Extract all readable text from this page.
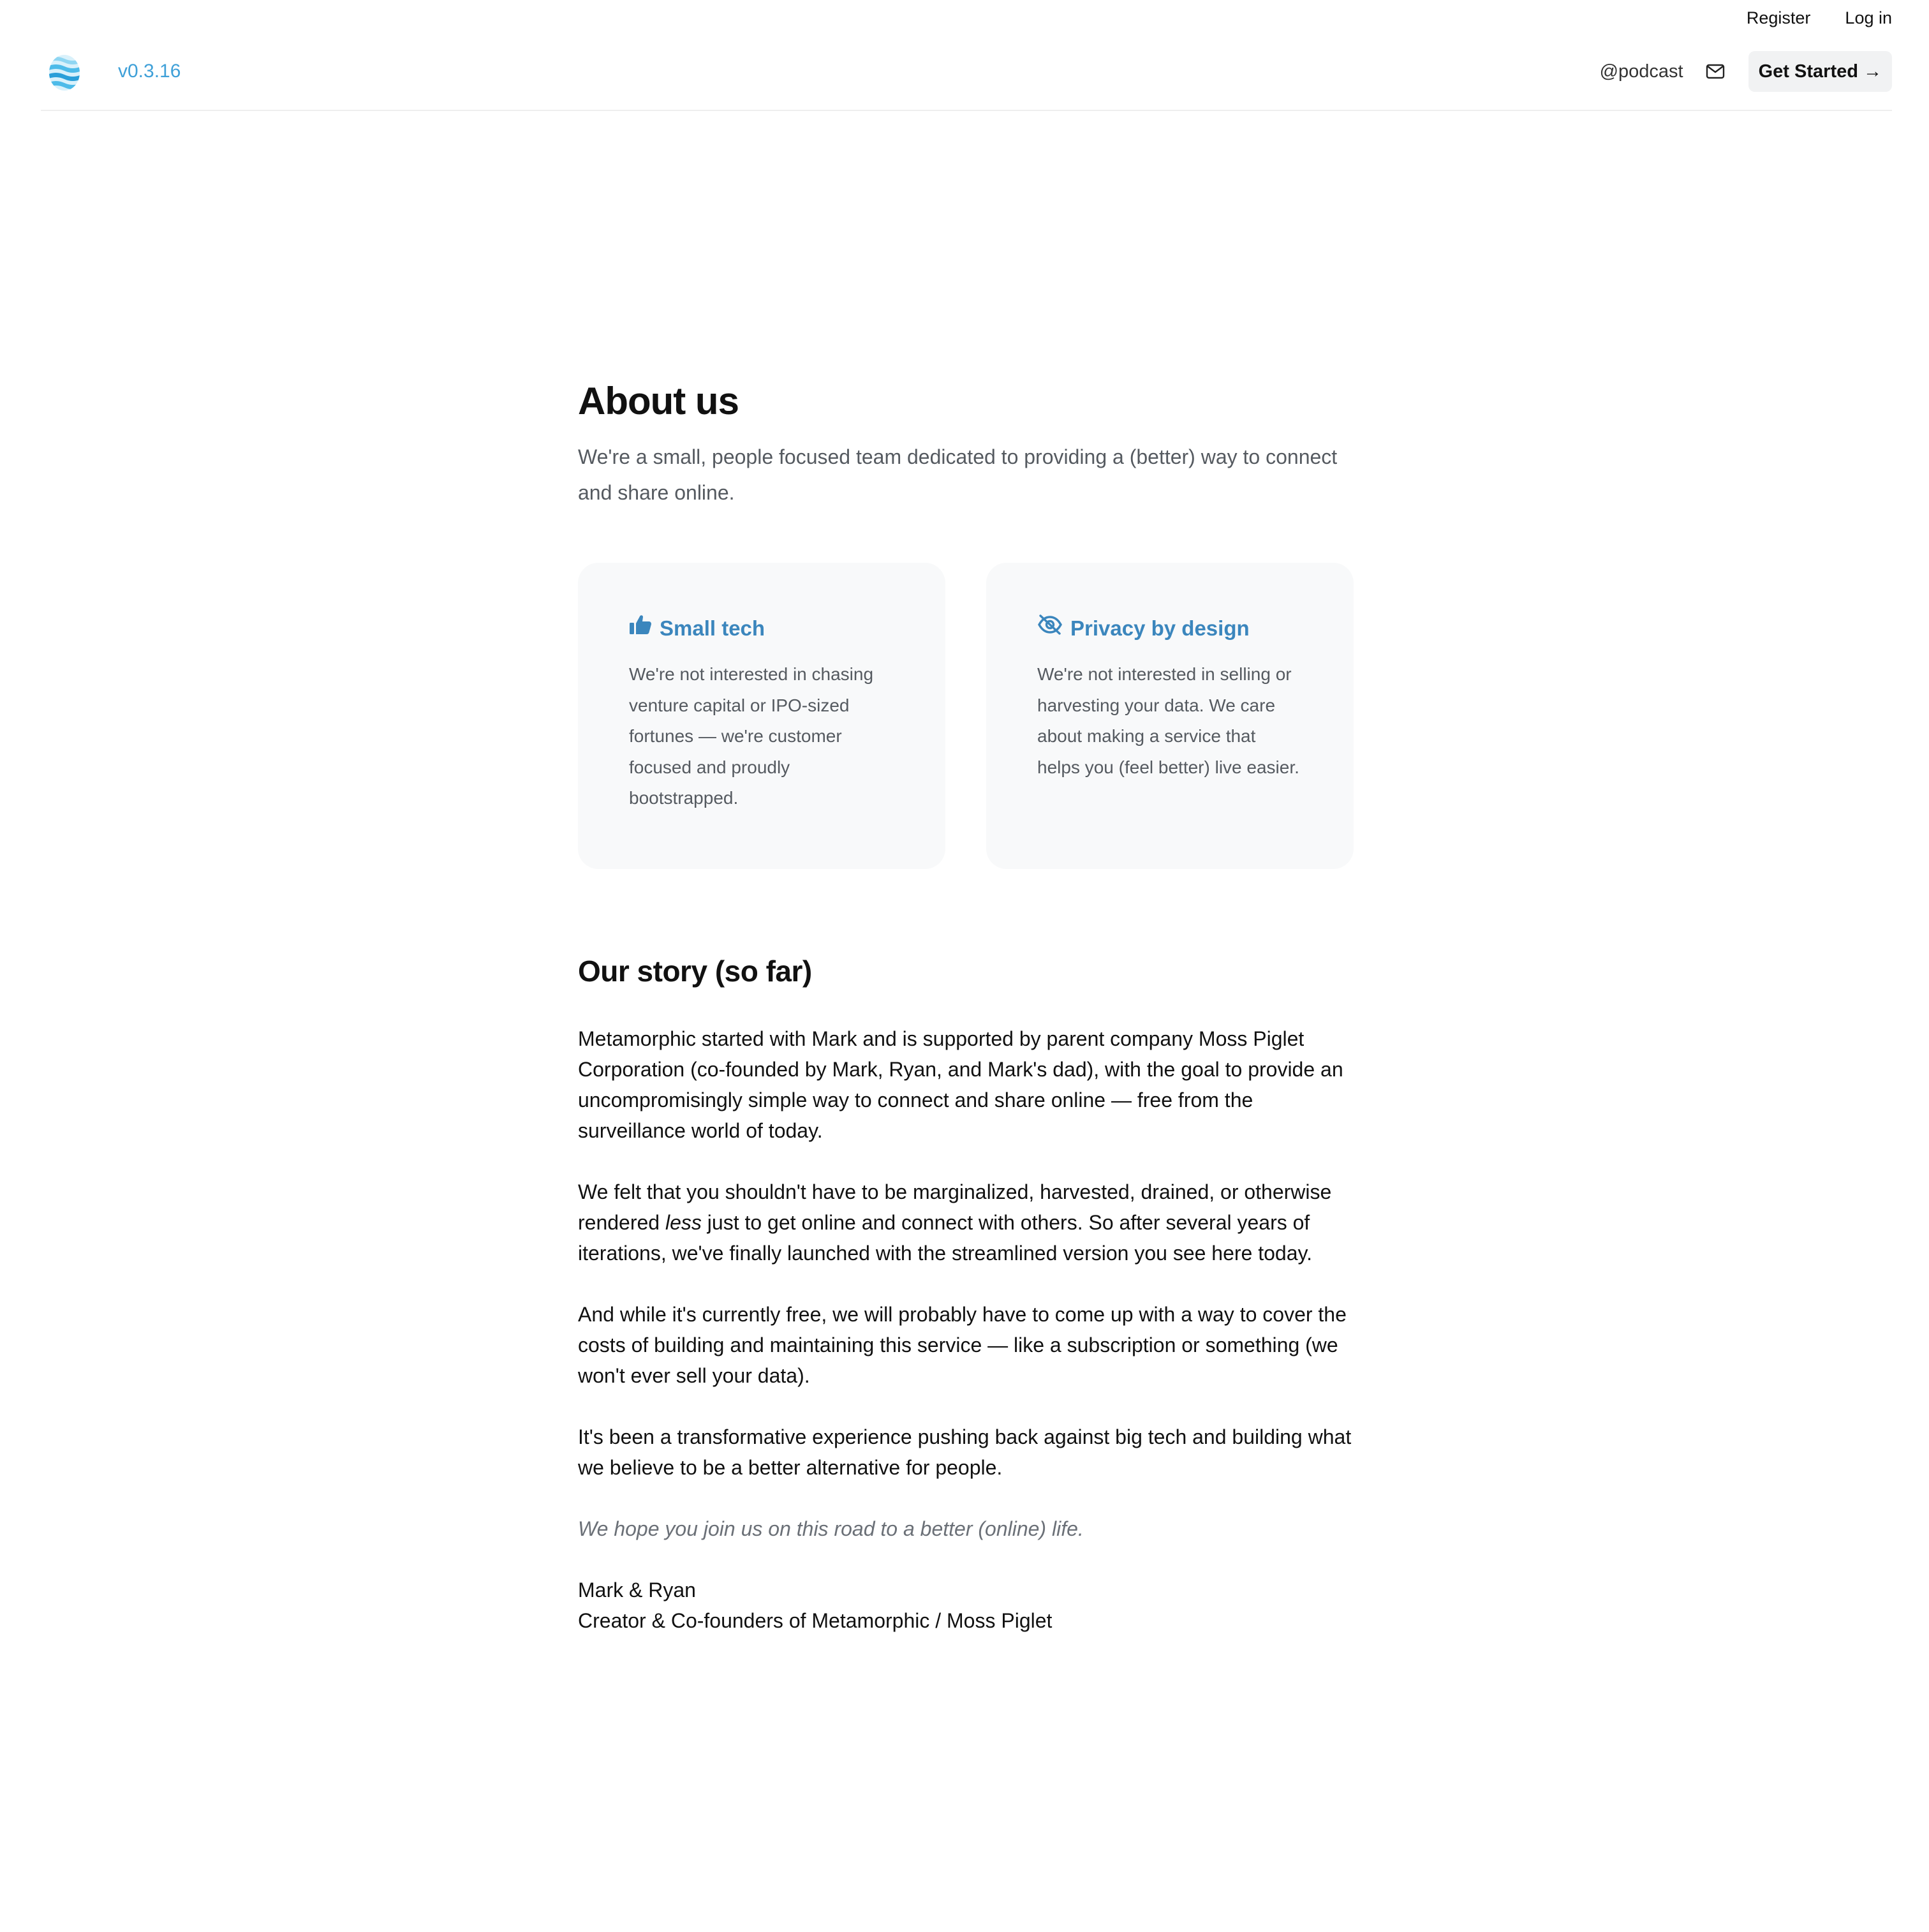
Register Log in
v0.3.16	@podcast	Get Started →
About us

We're a small, people focused team dedicated to providing a (better) way to connect and share online.

Small tech
We're not interested in chasing venture capital or IPO-sized fortunes — we're customer focused and proudly bootstrapped.
Privacy by design
We're not interested in selling or harvesting your data. We care about making a service that helps you (feel better) live easier.
Our story (so far)

Metamorphic started with Mark and is supported by parent company Moss Piglet Corporation (co-founded by Mark, Ryan, and Mark's dad), with the goal to provide an uncompromisingly simple way to connect and share online — free from the surveillance world of today.

We felt that you shouldn't have to be marginalized, harvested, drained, or otherwise rendered less just to get online and connect with others. So after several years of iterations, we've finally launched with the streamlined version you see here today.

And while it's currently free, we will probably have to come up with a way to cover the costs of building and maintaining this service — like a subscription or something (we won't ever sell your data).

It's been a transformative experience pushing back against big tech and building what we believe to be a better alternative for people.

We hope you join us on this road to a better (online) life.

Mark & Ryan
Creator & Co-founders of Metamorphic / Moss Piglet
